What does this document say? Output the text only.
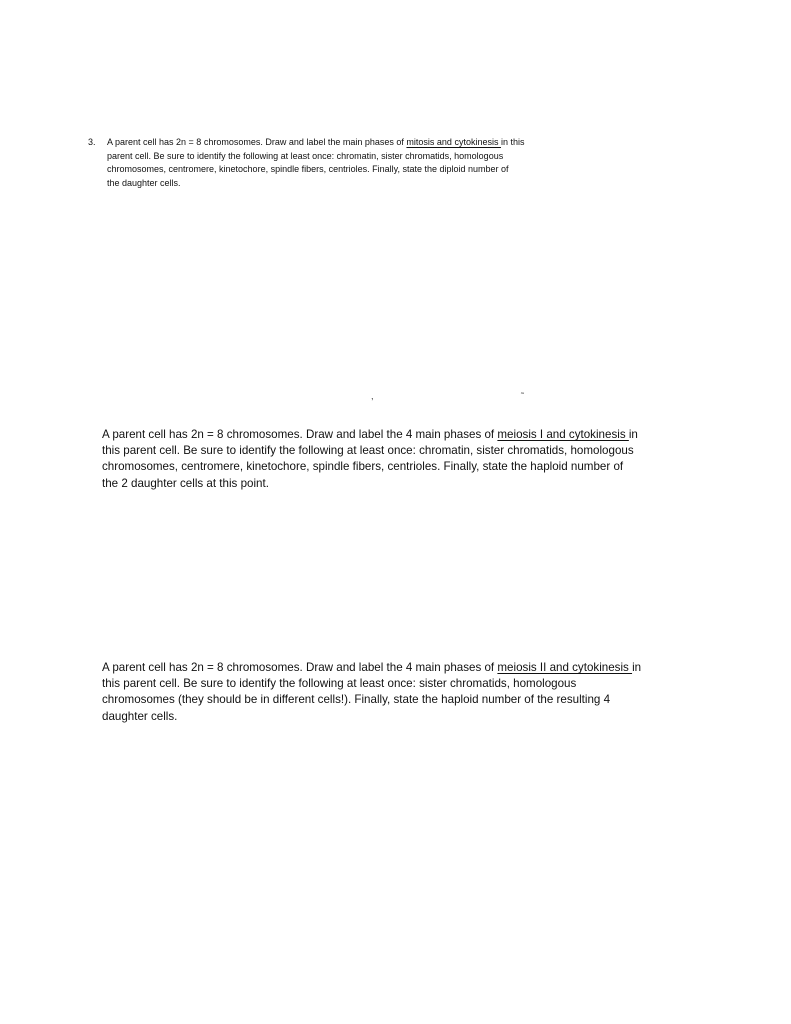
3. A parent cell has 2n = 8 chromosomes. Draw and label the main phases of mitosis and cytokinesis in this
parent cell. Be sure to identify the following at least once: chromatin, sister chromatids, homologous
chromosomes, centromere, kinetochore, spindle fibers, centrioles. Finally, state the diploid number of
the daughter cells.
,	˜
A parent cell has 2n = 8 chromosomes. Draw and label the 4 main phases of meiosis I and cytokinesis in
this parent cell. Be sure to identify the following at least once: chromatin, sister chromatids, homologous
chromosomes, centromere, kinetochore, spindle fibers, centrioles. Finally, state the haploid number of
the 2 daughter cells at this point.
A parent cell has 2n = 8 chromosomes. Draw and label the 4 main phases of meiosis II and cytokinesis in
this parent cell. Be sure to identify the following at least once: sister chromatids, homologous
chromosomes (they should be in different cells!). Finally, state the haploid number of the resulting 4
daughter cells.
